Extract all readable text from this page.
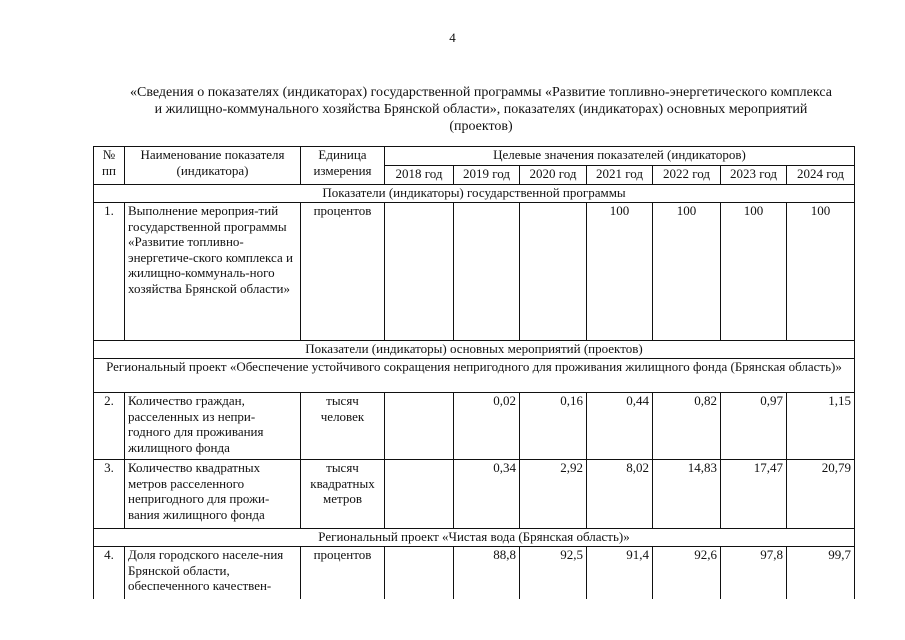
4
«Сведения о показателях (индикаторах) государственной программы «Развитие топливно-энергетического комплекса
и жилищно-коммунального хозяйства Брянской области», показателях (индикаторах) основных мероприятий
(проектов)
№ пп	Наименование показателя (индикатора)	Единица измерения	Целевые значения показателей (индикаторов)						
			2018 год	2019 год	2020 год	2021 год	2022 год	2023 год	2024 год
Показатели (индикаторы) государственной программы									
1.	Выполнение мероприя-тий государственной программы «Развитие топливно-энергетиче-ского комплекса и жилищно-коммуналь-ного хозяйства Брянской области»	процентов				100	100	100	100
Показатели (индикаторы) основных мероприятий (проектов)									
Региональный проект «Обеспечение устойчивого сокращения непригодного для проживания жилищного фонда (Брянская область)»									
2.	Количество граждан, расселенных из непри-годного для проживания жилищного фонда	тысяч человек		0,02	0,16	0,44	0,82	0,97	1,15
3.	Количество квадратных метров расселенного непригодного для прожи-вания жилищного фонда	тысяч квадратных метров		0,34	2,92	8,02	14,83	17,47	20,79
Региональный проект «Чистая вода (Брянская область)»									
4.	Доля городского населе-ния Брянской области, обеспеченного качествен-	процентов		88,8	92,5	91,4	92,6	97,8	99,7
